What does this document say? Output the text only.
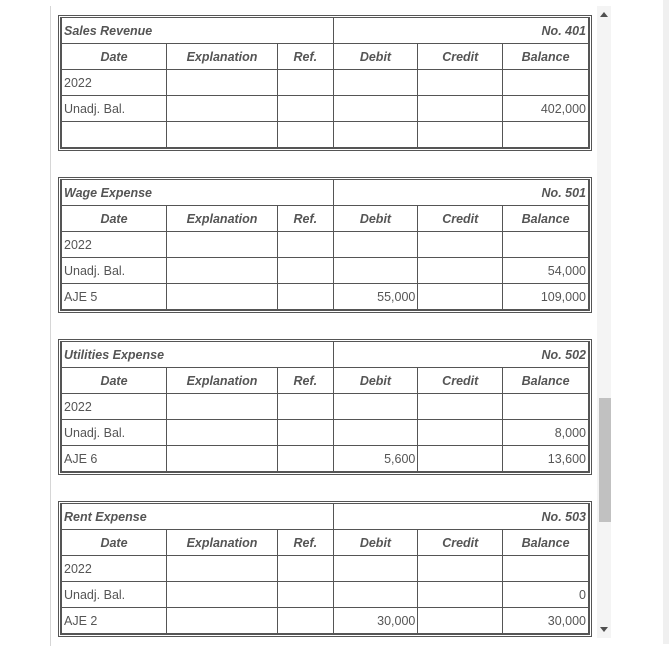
Sales Revenue			No. 401		
Date	Explanation	Ref.	Debit	Credit	Balance
2022					
Unadj. Bal.					402,000

Wage Expense			No. 501		
Date	Explanation	Ref.	Debit	Credit	Balance
2022					
Unadj. Bal.					54,000
AJE 5			55,000		109,000
Utilities Expense			No. 502		
Date	Explanation	Ref.	Debit	Credit	Balance
2022					
Unadj. Bal.					8,000
AJE 6			5,600		13,600
Rent Expense			No. 503		
Date	Explanation	Ref.	Debit	Credit	Balance
2022					
Unadj. Bal.					0
AJE 2			30,000		30,000
